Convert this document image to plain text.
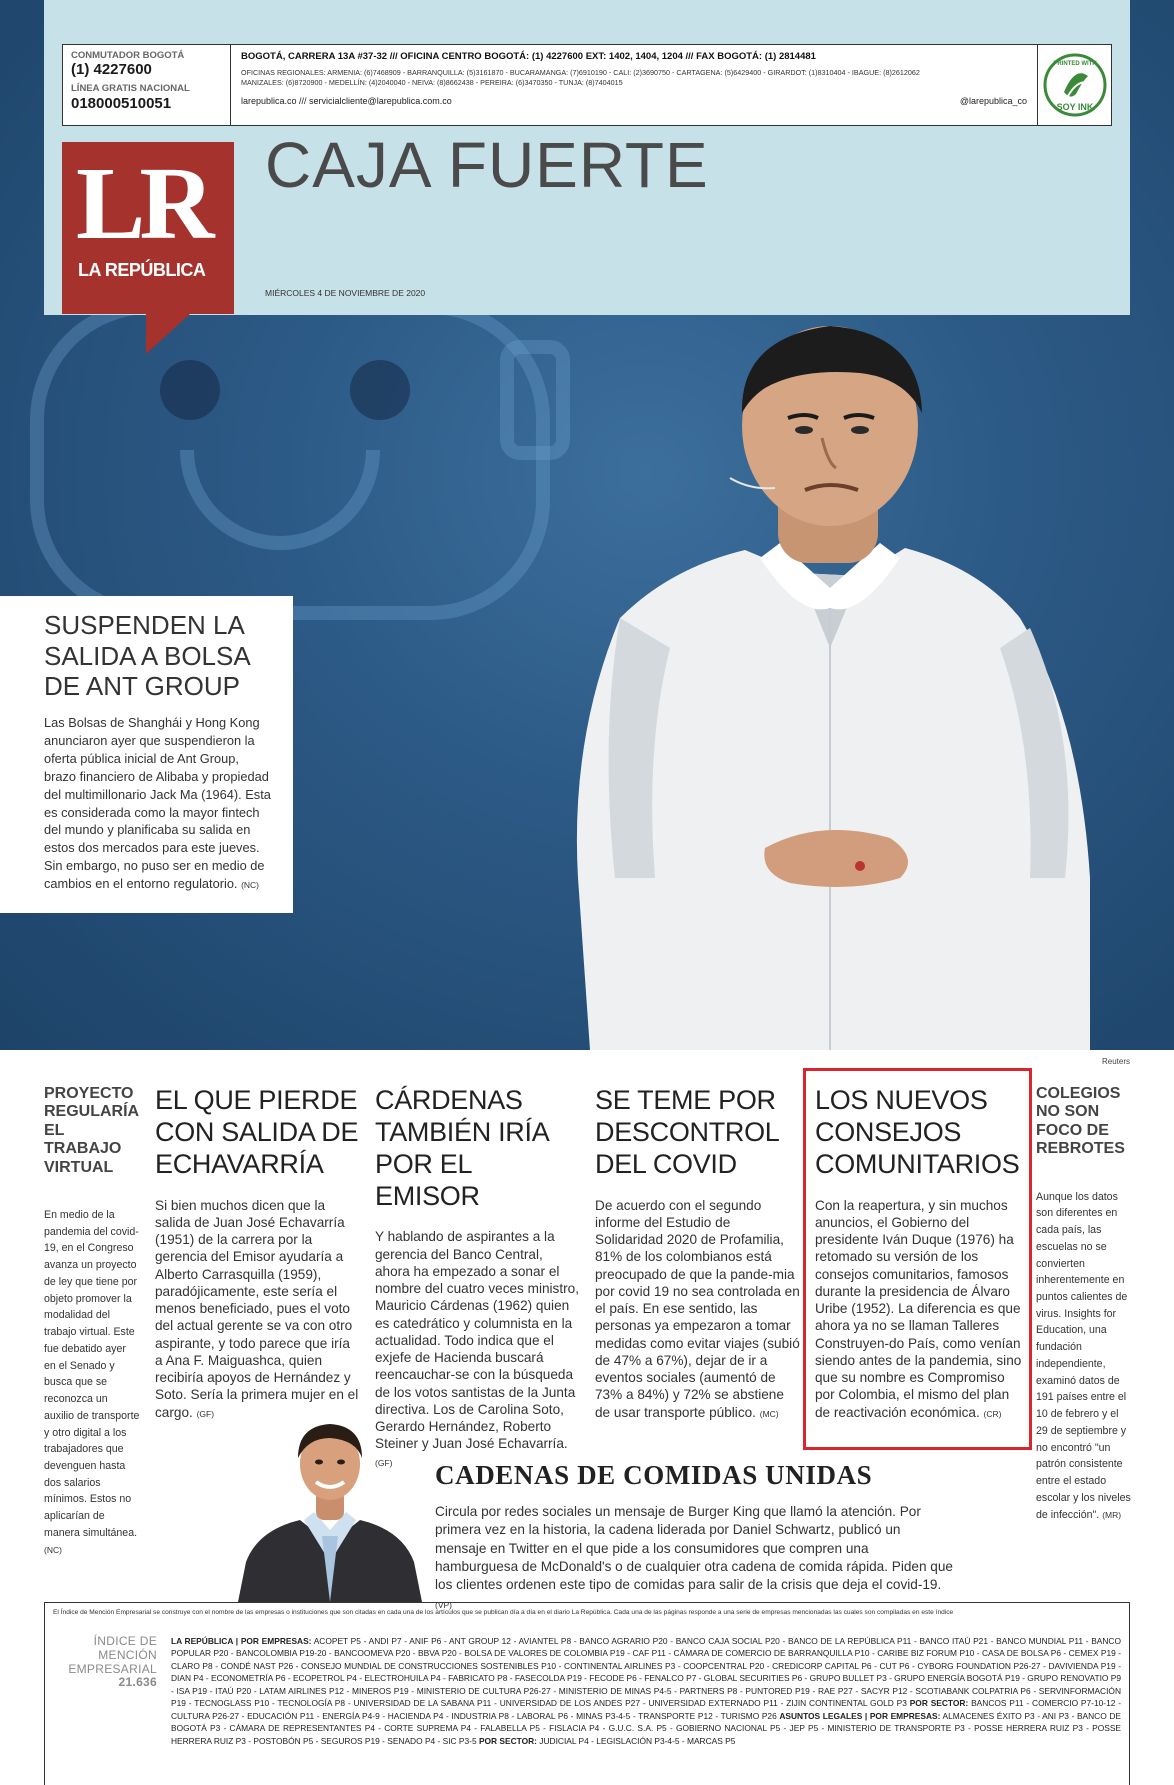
CONMUTADOR BOGOTÁ
(1) 4227600
LÍNEA GRATIS NACIONAL
018000510051
BOGOTÁ, CARRERA 13A #37-32 /// OFICINA CENTRO BOGOTÁ: (1) 4227600 EXT: 1402, 1404, 1204 /// FAX BOGOTÁ: (1) 2814481
OFICINAS REGIONALES: ARMENIA: (6)7468909 - BARRANQUILLA: (5)3161870 - BUCARAMANGA: (7)6910190 - CALI: (2)3690750 - CARTAGENA: (5)6429400 - GIRARDOT: (1)8310404 - IBAGUE: (8)2612062
MANIZALES: (6)8720900 - MEDELLÍN: (4)2040040 - NEIVA: (8)8662438 - PEREIRA: (6)3470350 - TUNJA: (8)7404015
larepublica.co /// servicialcliente@larepublica.com.co	@larepublica_co
PRINTED WITH
SOY INK
LR
LA REPÚBLICA
CAJA FUERTE
MIÉRCOLES 4 DE NOVIEMBRE DE 2020
SUSPENDEN LA SALIDA A BOLSA DE ANT GROUP

Las Bolsas de Shanghái y Hong Kong anunciaron ayer que suspendieron la oferta pública inicial de Ant Group, brazo financiero de Alibaba y propiedad del multimillonario Jack Ma (1964). Esta es considerada como la mayor fintech del mundo y planificaba su salida en estos dos mercados para este jueves. Sin embargo, no puso ser en medio de cambios en el entorno regulatorio. (NC)

Reuters
PROYECTO REGULARÍA EL TRABAJO VIRTUAL

En medio de la pandemia del covid-19, en el Congreso avanza un proyecto de ley que tiene por objeto promover la modalidad del trabajo virtual. Este fue debatido ayer en el Senado y busca que se reconozca un auxilio de transporte y otro digital a los trabajadores que devenguen hasta dos salarios mínimos. Estos no aplicarían de manera simultánea. (NC)

EL QUE PIERDE CON SALIDA DE ECHAVARRÍA

Si bien muchos dicen que la salida de Juan José Echavarría (1951) de la carrera por la gerencia del Emisor ayudaría a Alberto Carrasquilla (1959), paradójicamente, este sería el menos beneficiado, pues el voto del actual gerente se va con otro aspirante, y todo parece que iría a Ana F. Maiguashca, quien recibiría apoyos de Hernández y Soto. Sería la primera mujer en el cargo. (GF)

CÁRDENAS TAMBIÉN IRÍA POR EL EMISOR

Y hablando de aspirantes a la gerencia del Banco Central, ahora ha empezado a sonar el nombre del cuatro veces ministro, Mauricio Cárdenas (1962) quien es catedrático y columnista en la actualidad. Todo indica que el exjefe de Hacienda buscará reencauchar-se con la búsqueda de los votos santistas de la Junta directiva. Los de Carolina Soto, Gerardo Hernández, Roberto Steiner y Juan José Echavarría. (GF)

SE TEME POR DESCONTROL DEL COVID

De acuerdo con el segundo informe del Estudio de Solidaridad 2020 de Profamilia, 81% de los colombianos está preocupado de que la pande-mia por covid 19 no sea controlada en el país. En ese sentido, las personas ya empezaron a tomar medidas como evitar viajes (subió de 47% a 67%), dejar de ir a eventos sociales (aumentó de 73% a 84%) y 72% se abstiene de usar transporte público. (MC)

LOS NUEVOS CONSEJOS COMUNITARIOS

Con la reapertura, y sin muchos anuncios, el Gobierno del presidente Iván Duque (1976) ha retomado su versión de los consejos comunitarios, famosos durante la presidencia de Álvaro Uribe (1952). La diferencia es que ahora ya no se llaman Talleres Construyen-do País, como venían siendo antes de la pandemia, sino que su nombre es Compromiso por Colombia, el mismo del plan de reactivación económica. (CR)

COLEGIOS NO SON FOCO DE REBROTES

Aunque los datos son diferentes en cada país, las escuelas no se convierten inherentemente en puntos calientes de virus. Insights for Education, una fundación independiente, examinó datos de 191 países entre el 10 de febrero y el 29 de septiembre y no encontró "un patrón consistente entre el estado escolar y los niveles de infección". (MR)

CADENAS DE COMIDAS UNIDAS

Circula por redes sociales un mensaje de Burger King que llamó la atención. Por primera vez en la historia, la cadena liderada por Daniel Schwartz, publicó un mensaje en Twitter en el que pide a los consumidores que compren una hamburguesa de McDonald's o de cualquier otra cadena de comida rápida. Piden que los clientes ordenen este tipo de comidas para salir de la crisis que deja el covid-19. (VP)

El Índice de Mención Empresarial se construye con el nombre de las empresas o instituciones que son citadas en cada una de los artículos que se publican día a día en el diario La República. Cada una de las páginas responde a una serie de empresas mencionadas las cuales son compiladas en este índice
ÍNDICE DE MENCIÓN EMPRESARIAL
21.636
LA REPÚBLICA | POR EMPRESAS: ACOPET P5 - ANDI P7 - ANIF P6 - ANT GROUP 12 - AVIANTEL P8 - BANCO AGRARIO P20 - BANCO CAJA SOCIAL P20 - BANCO DE LA REPÚBLICA P11 - BANCO ITAÚ P21 - BANCO MUNDIAL P11 - BANCO POPULAR P20 - BANCOLOMBIA P19-20 - BANCOOMEVA P20 - BBVA P20 - BOLSA DE VALORES DE COLOMBIA P19 - CAF P11 - CÁMARA DE COMERCIO DE BARRANQUILLA P10 - CARIBE BIZ FORUM P10 - CASA DE BOLSA P6 - CEMEX P19 - CLARO P8 - CONDÉ NAST P26 - CONSEJO MUNDIAL DE CONSTRUCCIONES SOSTENIBLES P10 - CONTINENTAL AIRLINES P3 - COOPCENTRAL P20 - CREDICORP CAPITAL P6 - CUT P6 - CYBORG FOUNDATION P26-27 - DAVIVIENDA P19 - DIAN P4 - ECONOMETRÍA P6 - ECOPETROL P4 - ELECTROHUILA P4 - FABRICATO P8 - FASECOLDA P19 - FECODE P6 - FENALCO P7 - GLOBAL SECURITIES P6 - GRUPO BULLET P3 - GRUPO ENERGÍA BOGOTÁ P19 - GRUPO RENOVATIO P9 - ISA P19 - ITAÚ P20 - LATAM AIRLINES P12 - MINEROS P19 - MINISTERIO DE CULTURA P26-27 - MINISTERIO DE MINAS P4-5 - PARTNERS P8 - PUNTORED P19 - RAE P27 - SACYR P12 - SCOTIABANK COLPATRIA P6 - SERVINFORMACIÓN P19 - TECNOGLASS P10 - TECNOLOGÍA P8 - UNIVERSIDAD DE LA SABANA P11 - UNIVERSIDAD DE LOS ANDES P27 - UNIVERSIDAD EXTERNADO P11 - ZIJIN CONTINENTAL GOLD P3 POR SECTOR: BANCOS P11 - COMERCIO P7-10-12 - CULTURA P26-27 - EDUCACIÓN P11 - ENERGÍA P4-9 - HACIENDA P4 - INDUSTRIA P8 - LABORAL P6 - MINAS P3-4-5 - TRANSPORTE P12 - TURISMO P26 ASUNTOS LEGALES | POR EMPRESAS: ALMACENES ÉXITO P3 - ANI P3 - BANCO DE BOGOTÁ P3 - CÁMARA DE REPRESENTANTES P4 - CORTE SUPREMA P4 - FALABELLA P5 - FISLACIA P4 - G.U.C. S.A. P5 - GOBIERNO NACIONAL P5 - JEP P5 - MINISTERIO DE TRANSPORTE P3 - POSSE HERRERA RUIZ P3 - POSSE HERRERA RUIZ P3 - POSTOBÓN P5 - SEGUROS P19 - SENADO P4 - SIC P3-5 POR SECTOR: JUDICIAL P4 - LEGISLACIÓN P3-4-5 - MARCAS P5
